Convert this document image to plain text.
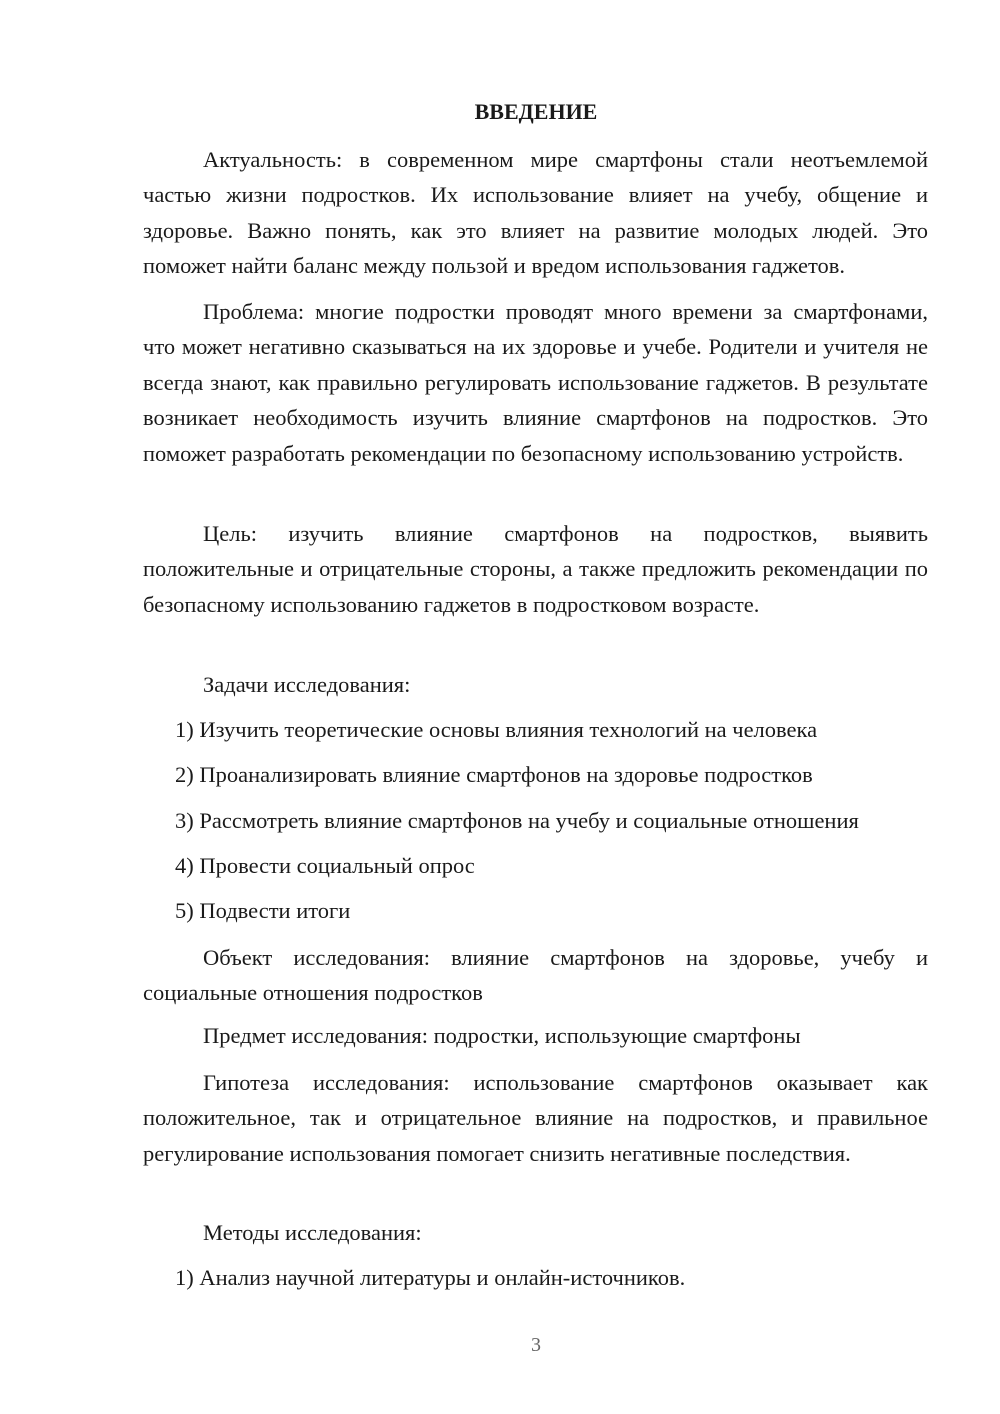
ВВЕДЕНИЕ
Актуальность: в современном мире смартфоны стали неотъемлемой частью жизни подростков. Их использование влияет на учебу, общение и здоровье. Важно понять, как это влияет на развитие молодых людей. Это поможет найти баланс между пользой и вредом использования гаджетов.
Проблема: многие подростки проводят много времени за смартфонами, что может негативно сказываться на их здоровье и учебе. Родители и учителя не всегда знают, как правильно регулировать использование гаджетов. В результате возникает необходимость изучить влияние смартфонов на подростков. Это поможет разработать рекомендации по безопасному использованию устройств.
Цель: изучить влияние смартфонов на подростков, выявить положительные и отрицательные стороны, а также предложить рекомендации по безопасному использованию гаджетов в подростковом возрасте.
Задачи исследования:
1) Изучить теоретические основы влияния технологий на человека
2) Проанализировать влияние смартфонов на здоровье подростков
3) Рассмотреть влияние смартфонов на учебу и социальные отношения
4) Провести социальный опрос
5) Подвести итоги
Объект исследования: влияние смартфонов на здоровье, учебу и социальные отношения подростков
Предмет исследования: подростки, использующие смартфоны
Гипотеза исследования: использование смартфонов оказывает как положительное, так и отрицательное влияние на подростков, и правильное регулирование использования помогает снизить негативные последствия.
Методы исследования:
1) Анализ научной литературы и онлайн-источников.
3
